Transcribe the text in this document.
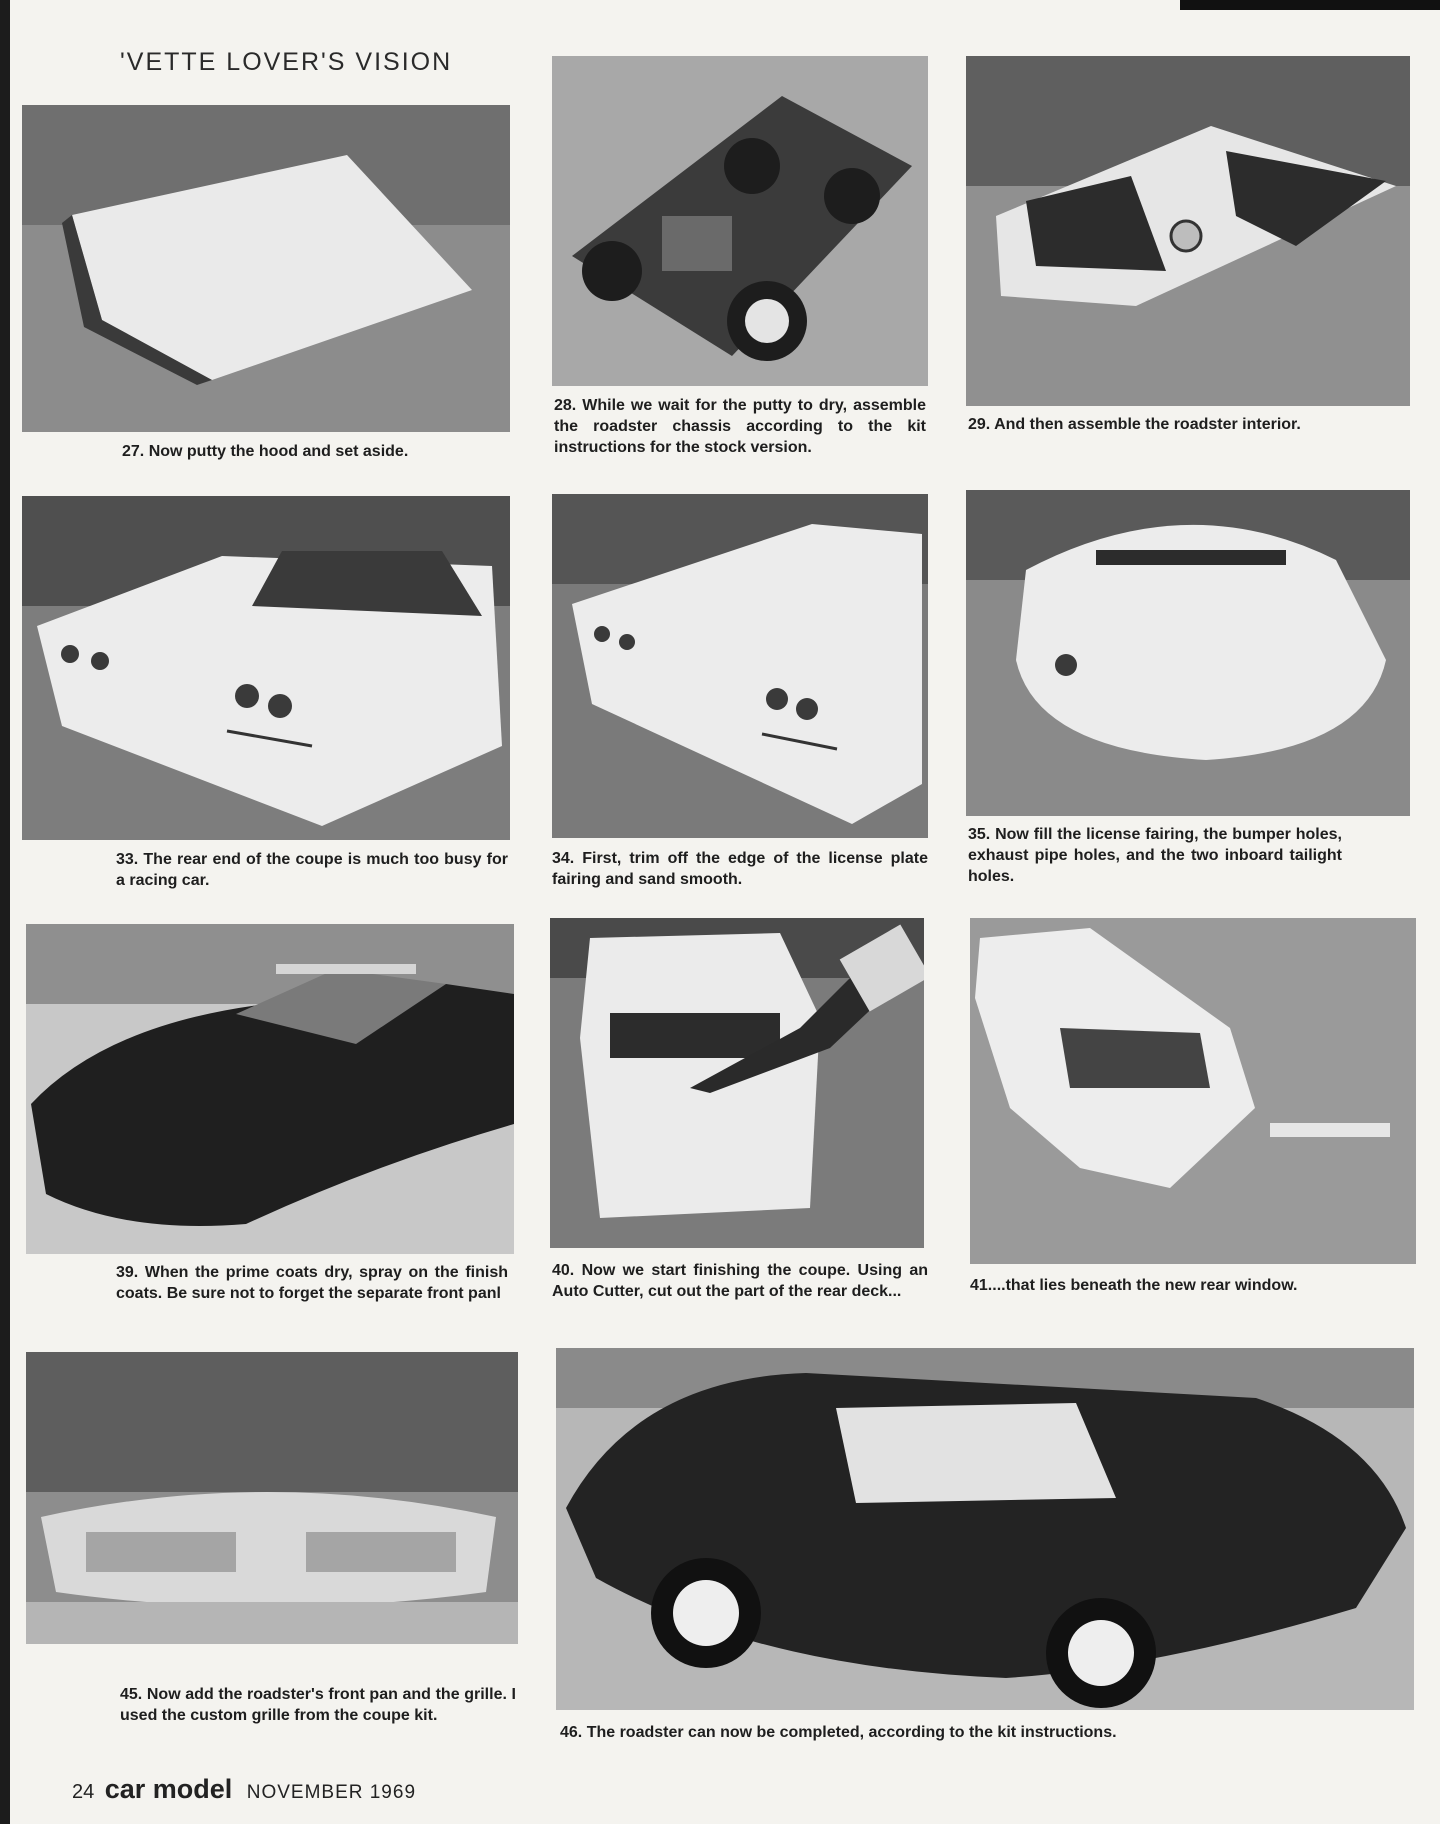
'VETTE LOVER'S VISION
27. Now putty the hood and set aside.
28. While we wait for the putty to dry, assemble the roadster chassis according to the kit instructions for the stock version.
29. And then assemble the roadster interior.
33. The rear end of the coupe is much too busy for a racing car.
34. First, trim off the edge of the license plate fairing and sand smooth.
35. Now fill the license fairing, the bumper holes, exhaust pipe holes, and the two inboard tailight holes.
39. When the prime coats dry, spray on the finish coats. Be sure not to forget the separate front panl
40. Now we start finishing the coupe. Using an Auto Cutter, cut out the part of the rear deck...	41....that lies beneath the new rear window.
45. Now add the roadster's front pan and the grille. I used the custom grille from the coupe kit.
46. The roadster can now be completed, according to the kit instructions.
24 car model NOVEMBER 1969
